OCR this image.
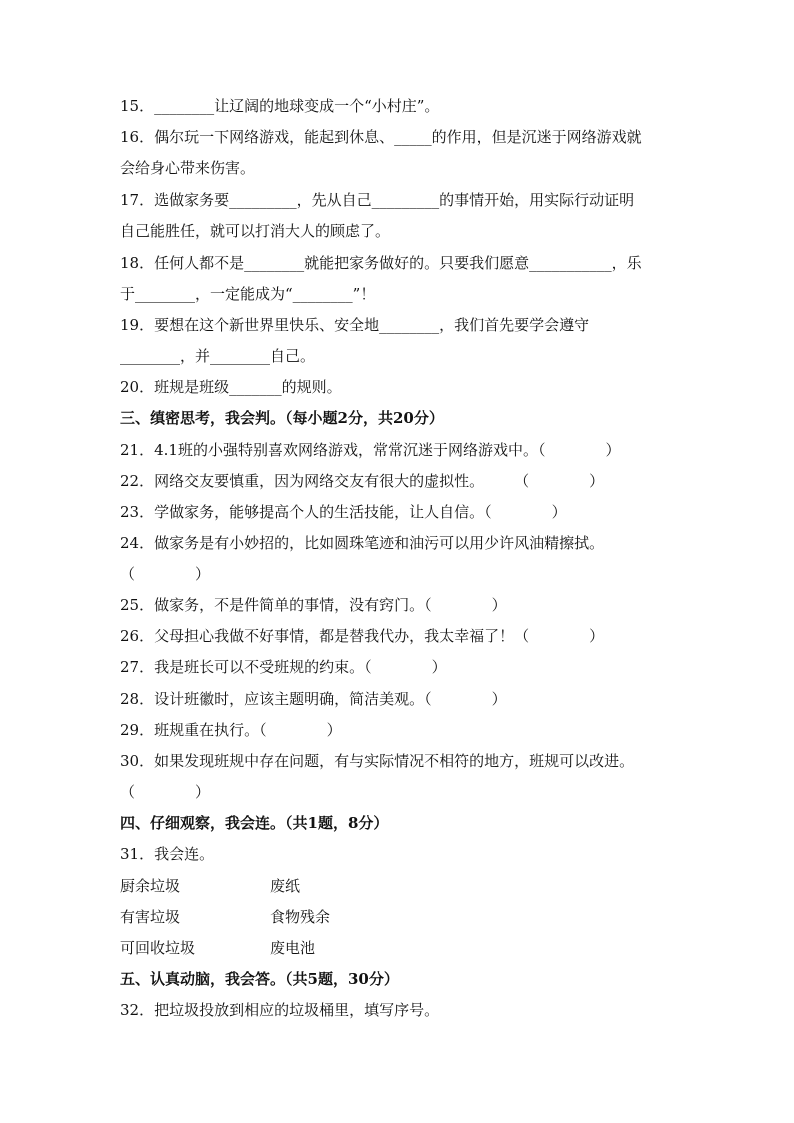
15．________让辽阔的地球变成一个“小村庄”。
16．偶尔玩一下网络游戏，能起到休息、_____的作用，但是沉迷于网络游戏就
会给身心带来伤害。
17．选做家务要_________，先从自己_________的事情开始，用实际行动证明
自己能胜任，就可以打消大人的顾虑了。
18．任何人都不是________就能把家务做好的。只要我们愿意___________，乐
于________，一定能成为“________”！
19．要想在这个新世界里快乐、安全地________，我们首先要学会遵守
________，并________自己。
20．班规是班级_______的规则。
三、缜密思考，我会判。（每小题2分，共20分）
21．4.1班的小强特别喜欢网络游戏，常常沉迷于网络游戏中。（　　　　）
22．网络交友要慎重，因为网络交友有很大的虚拟性。　　　（　　　　）
23．学做家务，能够提高个人的生活技能，让人自信。（　　　　）
24．做家务是有小妙招的，比如圆珠笔迹和油污可以用少许风油精擦拭。
（　　　　）
25．做家务，不是件简单的事情，没有窍门。（　　　　）
26．父母担心我做不好事情，都是替我代办，我太幸福了！（　　　　）
27．我是班长可以不受班规的约束。（　　　　）
28．设计班徽时，应该主题明确，简洁美观。（　　　　）
29．班规重在执行。（　　　　）
30．如果发现班规中存在问题，有与实际情况不相符的地方，班规可以改进。
（　　　　）
四、仔细观察，我会连。（共1题，8分）
31．我会连。
厨余垃圾	废纸
有害垃圾	食物残余
可回收垃圾	废电池
五、认真动脑，我会答。（共5题，30分）
32．把垃圾投放到相应的垃圾桶里，填写序号。
